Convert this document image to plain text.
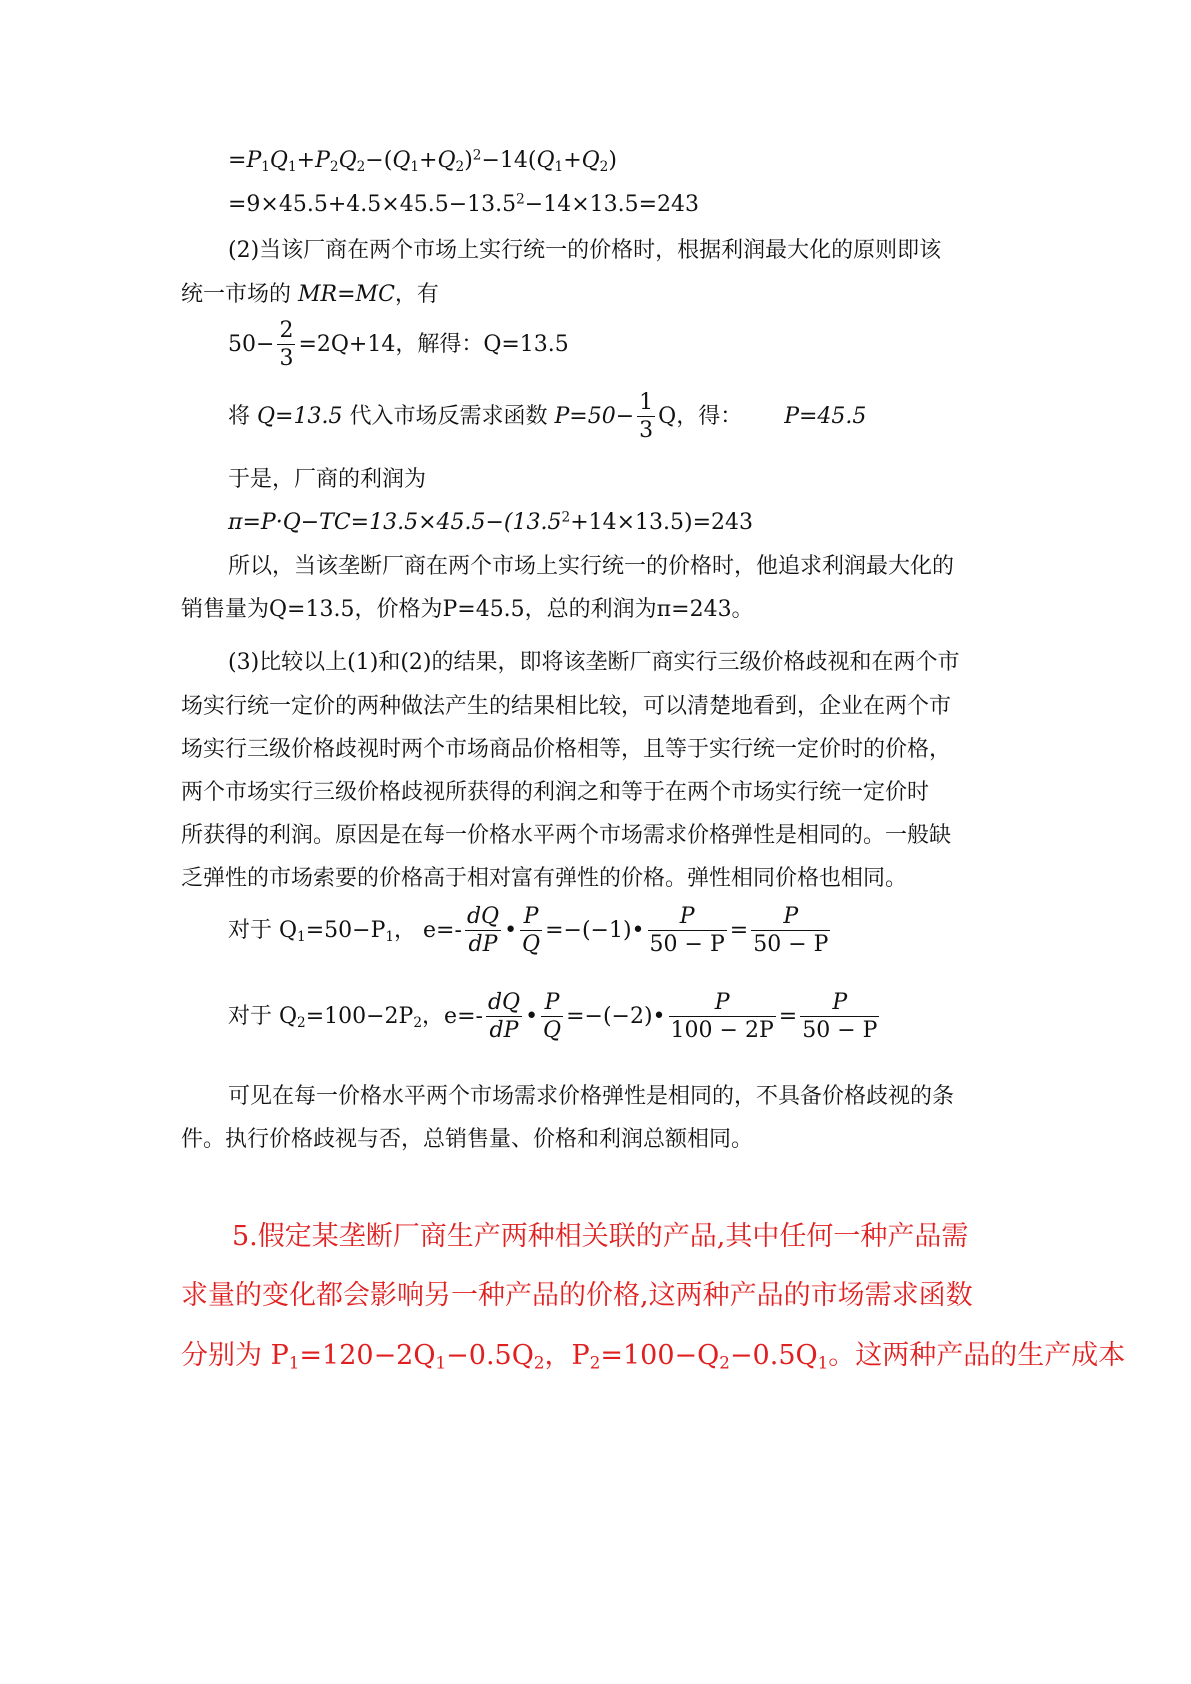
$=P_1Q_1+P_2Q_2-(Q_1+Q_2)^2-14(Q_1+Q_2)$
$=9\times 45.5+4.5\times 45.5-13.5^2-14\times 13.5=243$
(2)当该厂商在两个市场上实行统一的价格时，根据利润最大化的原则即该
统一市场的 MR=MC，有
$50- \frac{2}{3} =2Q+14$，解得：Q=13.5
将 Q=13.5 代入市场反需求函数 $P=50- \frac{1}{3}$ Q，得： P=45.5
于是，厂商的利润为
$\pi=P\cdot Q-TC=13.5\times 45.5-(13.5^2+14\times 13.5)=243$
所以，当该垄断厂商在两个市场上实行统一的价格时，他追求利润最大化的
销售量为Q=13.5，价格为P=45.5，总的利润为π=243。
(3)比较以上(1)和(2)的结果，即将该垄断厂商实行三级价格歧视和在两个市
场实行统一定价的两种做法产生的结果相比较，可以清楚地看到，企业在两个市
场实行三级价格歧视时两个市场商品价格相等，且等于实行统一定价时的价格，
两个市场实行三级价格歧视所获得的利润之和等于在两个市场实行统一定价时
所获得的利润。原因是在每一价格水平两个市场需求价格弹性是相同的。一般缺
乏弹性的市场索要的价格高于相对富有弹性的价格。弹性相同价格也相同。
对于 $Q_1=50-P_1$， $e=- \frac{dQ}{dP}$ • $\frac{P}{Q}$ =−(−1)• $\frac{P}{50 - P} = \frac{P}{50 - P}$
对于 $Q_2=100-2P_2$，$e=- \frac{dQ}{dP}$ • $\frac{P}{Q}$ =−(−2)• $\frac{P}{100 - 2P} = \frac{P}{50 - P}$
可见在每一价格水平两个市场需求价格弹性是相同的，不具备价格歧视的条
件。执行价格歧视与否，总销售量、价格和利润总额相同。
5.假定某垄断厂商生产两种相关联的产品,其中任何一种产品需
求量的变化都会影响另一种产品的价格,这两种产品的市场需求函数
分别为 $P_1=120-2Q_1-0.5Q_2$，$P_2=100-Q_2-0.5Q_1$。这两种产品的生产成本
